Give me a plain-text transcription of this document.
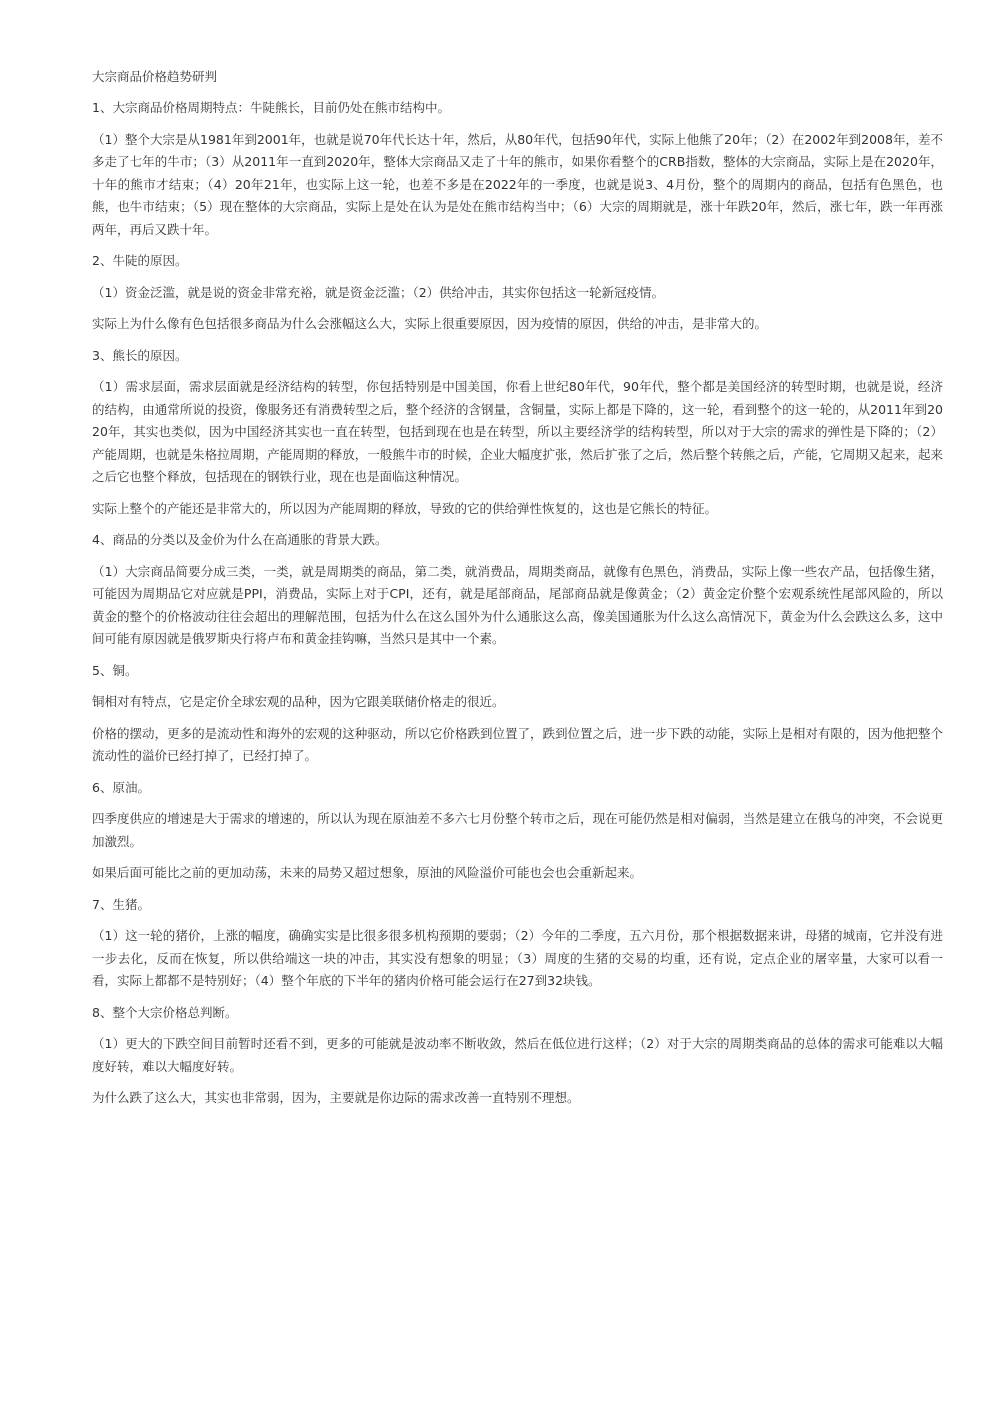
大宗商品价格趋势研判

1、大宗商品价格周期特点：牛陡熊长，目前仍处在熊市结构中。

（1）整个大宗是从1981年到2001年，也就是说70年代长达十年，然后，从80年代，包括90年代，实际上他熊了20年；（2）在2002年到2008年，差不多走了七年的牛市；（3）从2011年一直到2020年，整体大宗商品又走了十年的熊市，如果你看整个的CRB指数，整体的大宗商品，实际上是在2020年，十年的熊市才结束；（4）20年21年，也实际上这一轮，也差不多是在2022年的一季度，也就是说3、4月份，整个的周期内的商品，包括有色黑色，也熊，也牛市结束；（5）现在整体的大宗商品，实际上是处在认为是处在熊市结构当中；（6）大宗的周期就是，涨十年跌20年，然后，涨七年，跌一年再涨两年，再后又跌十年。

2、牛陡的原因。

（1）资金泛滥，就是说的资金非常充裕，就是资金泛滥；（2）供给冲击，其实你包括这一轮新冠疫情。

实际上为什么像有色包括很多商品为什么会涨幅这么大，实际上很重要原因，因为疫情的原因，供给的冲击，是非常大的。

3、熊长的原因。

（1）需求层面，需求层面就是经济结构的转型，你包括特别是中国美国，你看上世纪80年代，90年代，整个都是美国经济的转型时期，也就是说，经济的结构，由通常所说的投资，像服务还有消费转型之后，整个经济的含钢量，含铜量，实际上都是下降的，这一轮，看到整个的这一轮的，从2011年到2020年，其实也类似，因为中国经济其实也一直在转型，包括到现在也是在转型，所以主要经济学的结构转型，所以对于大宗的需求的弹性是下降的；（2）产能周期，也就是朱格拉周期，产能周期的释放，一般熊牛市的时候，企业大幅度扩张，然后扩张了之后，然后整个转熊之后，产能，它周期又起来，起来之后它也整个释放，包括现在的钢铁行业，现在也是面临这种情况。

实际上整个的产能还是非常大的，所以因为产能周期的释放，导致的它的供给弹性恢复的，这也是它熊长的特征。

4、商品的分类以及金价为什么在高通胀的背景大跌。

（1）大宗商品简要分成三类，一类，就是周期类的商品，第二类，就消费品，周期类商品，就像有色黑色，消费品，实际上像一些农产品，包括像生猪，可能因为周期品它对应就是PPI，消费品，实际上对于CPI，还有，就是尾部商品，尾部商品就是像黄金；（2）黄金定价整个宏观系统性尾部风险的，所以黄金的整个的价格波动往往会超出的理解范围，包括为什么在这么国外为什么通胀这么高，像美国通胀为什么这么高情况下，黄金为什么会跌这么多，这中间可能有原因就是俄罗斯央行将卢布和黄金挂钩嘛，当然只是其中一个素。

5、铜。

铜相对有特点，它是定价全球宏观的品种，因为它跟美联储价格走的很近。

价格的摆动，更多的是流动性和海外的宏观的这种驱动，所以它价格跌到位置了，跌到位置之后，进一步下跌的动能，实际上是相对有限的，因为他把整个流动性的溢价已经打掉了，已经打掉了。

6、原油。

四季度供应的增速是大于需求的增速的，所以认为现在原油差不多六七月份整个转市之后，现在可能仍然是相对偏弱，当然是建立在俄乌的冲突，不会说更加激烈。

如果后面可能比之前的更加动荡，未来的局势又超过想象，原油的风险溢价可能也会也会重新起来。

7、生猪。

（1）这一轮的猪价，上涨的幅度，确确实实是比很多很多机构预期的要弱；（2）今年的二季度，五六月份，那个根据数据来讲，母猪的城南，它并没有进一步去化，反而在恢复，所以供给端这一块的冲击，其实没有想象的明显；（3）周度的生猪的交易的均重，还有说，定点企业的屠宰量，大家可以看一看，实际上都都不是特别好；（4）整个年底的下半年的猪肉价格可能会运行在27到32块钱。

8、整个大宗价格总判断。

（1）更大的下跌空间目前暂时还看不到，更多的可能就是波动率不断收敛，然后在低位进行这样；（2）对于大宗的周期类商品的总体的需求可能难以大幅度好转，难以大幅度好转。

为什么跌了这么大，其实也非常弱，因为，主要就是你边际的需求改善一直特别不理想。
